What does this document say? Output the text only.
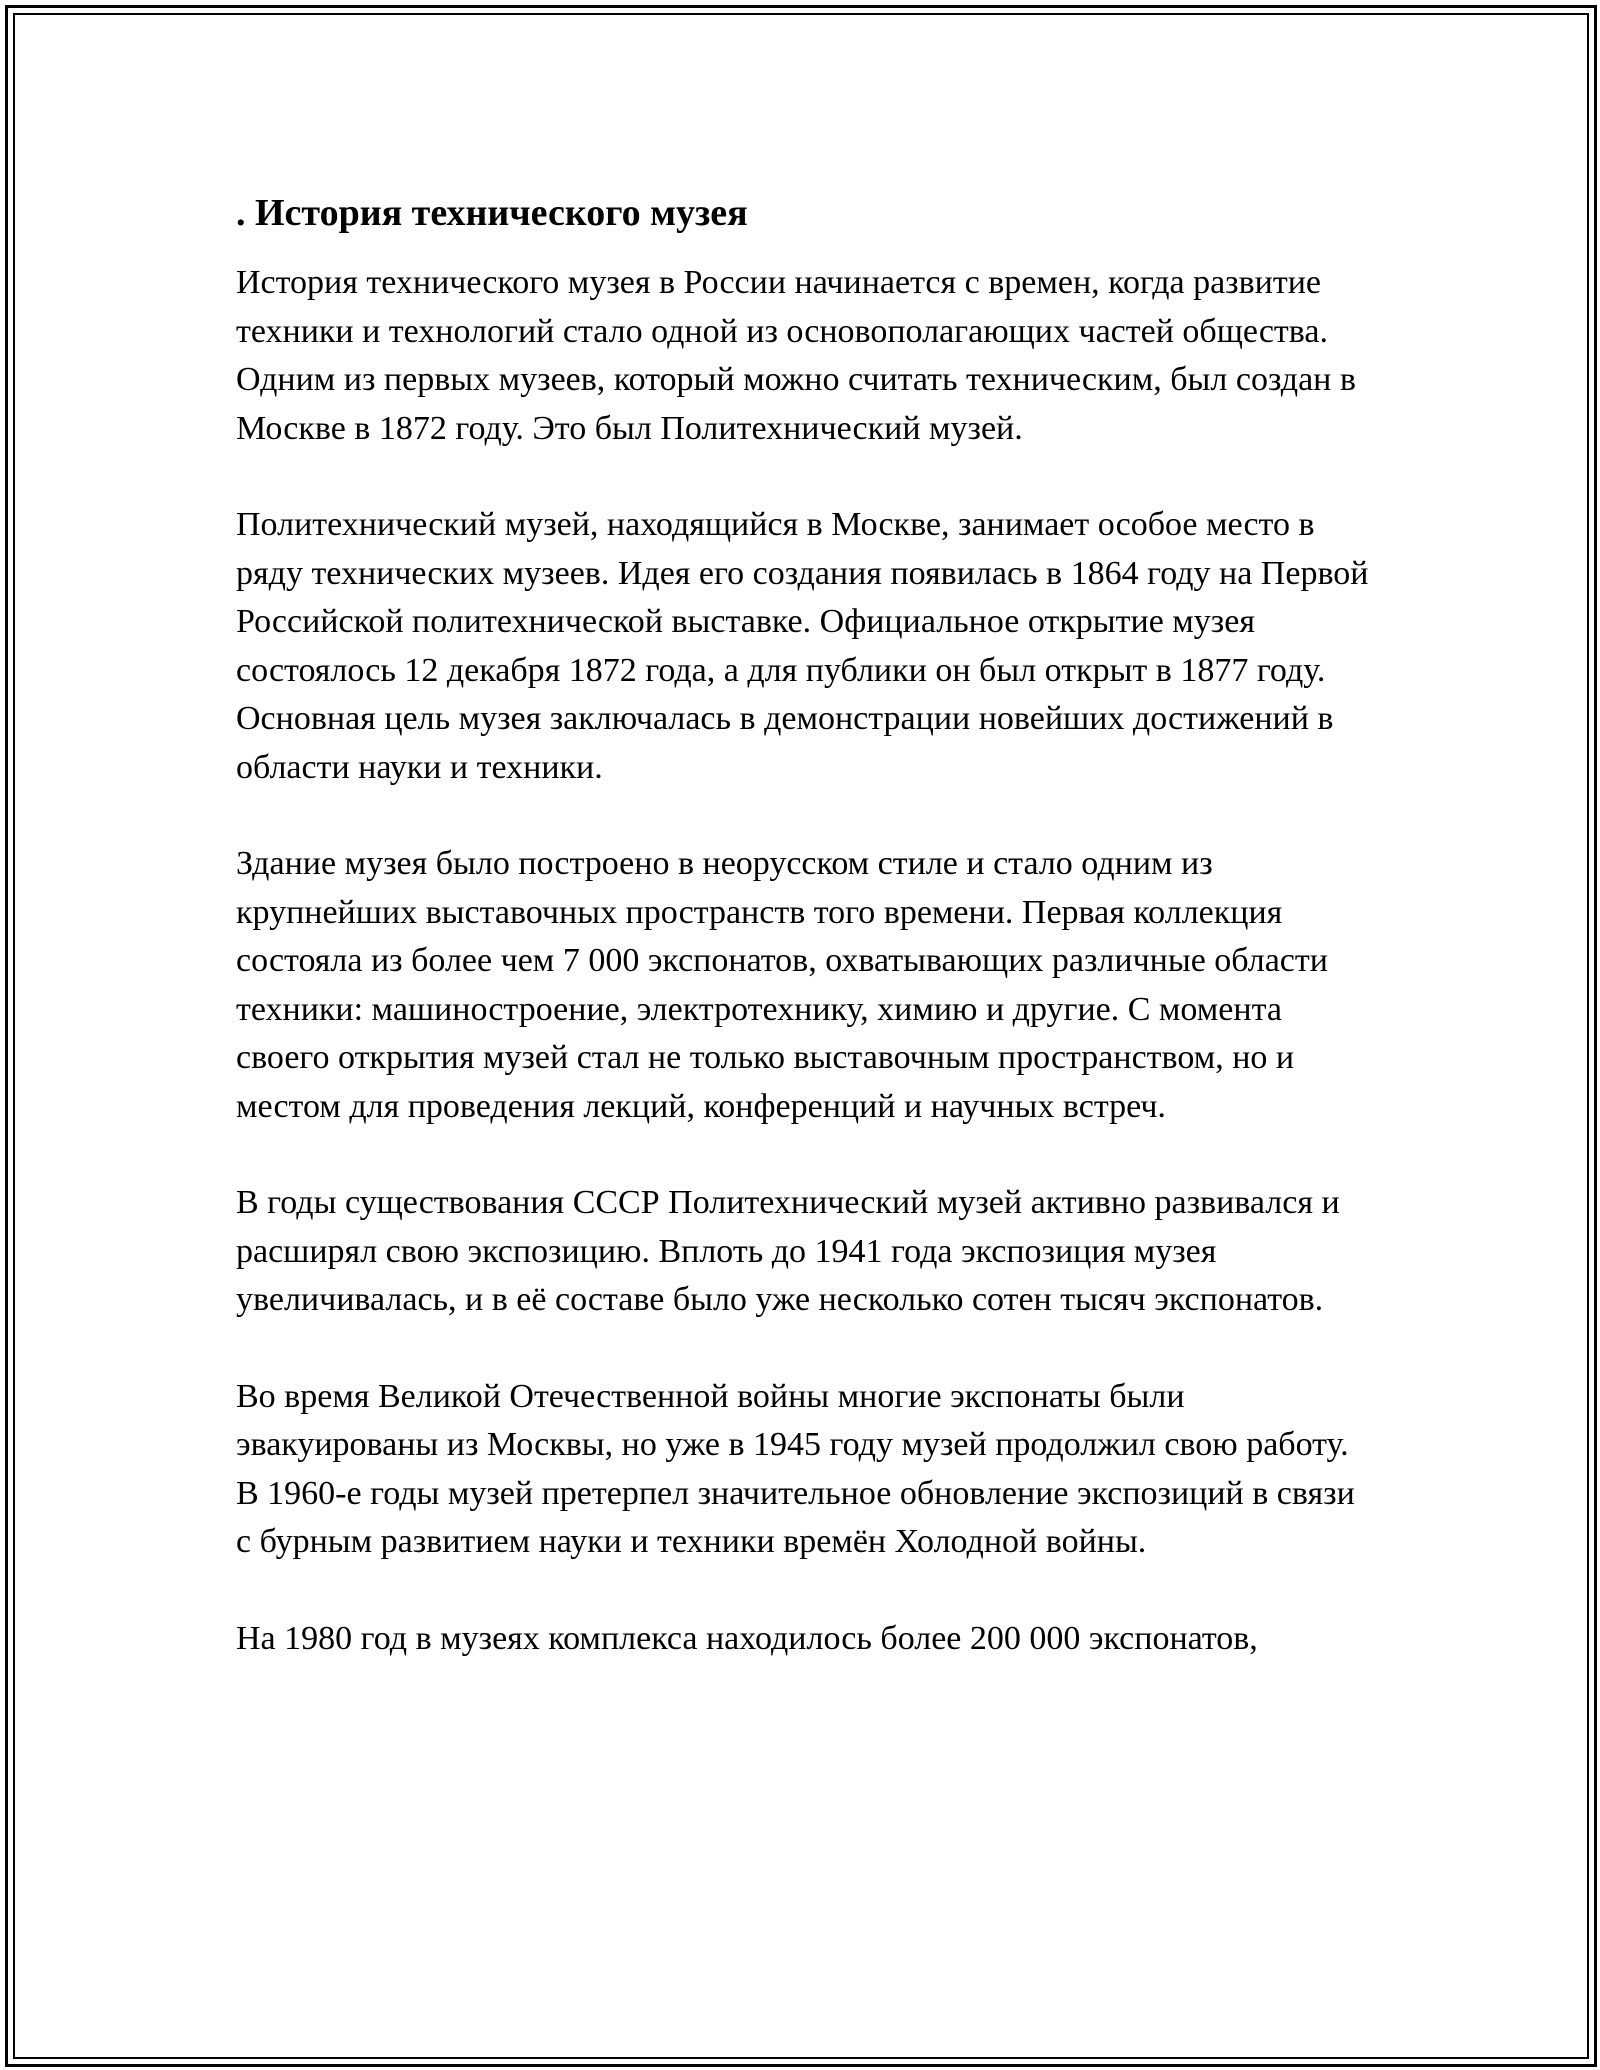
. История технического музея

История технического музея в России начинается с времен, когда развитие техники и технологий стало одной из основополагающих частей общества. Одним из первых музеев, который можно считать техническим, был создан в Москве в 1872 году. Это был Политехнический музей.

Политехнический музей, находящийся в Москве, занимает особое место в ряду технических музеев. Идея его создания появилась в 1864 году на Первой Российской политехнической выставке. Официальное открытие музея состоялось 12 декабря 1872 года, а для публики он был открыт в 1877 году. Основная цель музея заключалась в демонстрации новейших достижений в области науки и техники.

Здание музея было построено в неорусском стиле и стало одним из крупнейших выставочных пространств того времени. Первая коллекция состояла из более чем 7 000 экспонатов, охватывающих различные области техники: машиностроение, электротехнику, химию и другие. С момента своего открытия музей стал не только выставочным пространством, но и местом для проведения лекций, конференций и научных встреч.

В годы существования СССР Политехнический музей активно развивался и расширял свою экспозицию. Вплоть до 1941 года экспозиция музея увеличивалась, и в её составе было уже несколько сотен тысяч экспонатов.

Во время Великой Отечественной войны многие экспонаты были эвакуированы из Москвы, но уже в 1945 году музей продолжил свою работу. В 1960-е годы музей претерпел значительное обновление экспозиций в связи с бурным развитием науки и техники времён Холодной войны.

На 1980 год в музеях комплекса находилось более 200 000 экспонатов,
